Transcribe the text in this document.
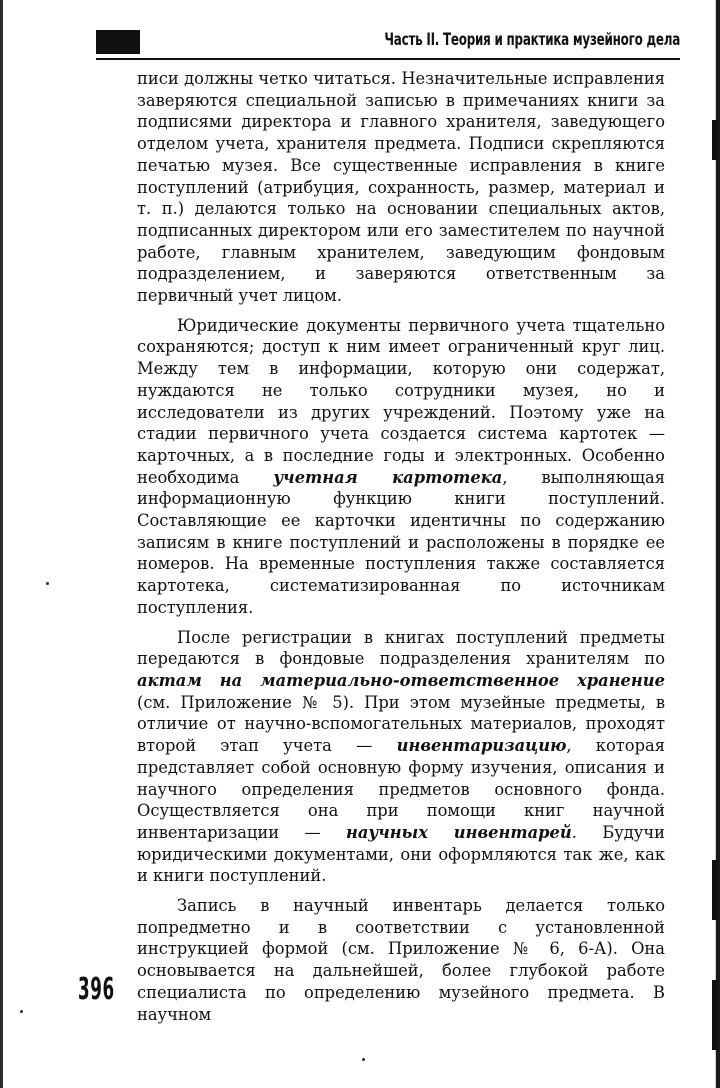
Часть II. Теория и практика музейного дела

писи должны четко читаться. Незначительные исправления заверяются специальной записью в примечаниях книги за подписями директора и главного хранителя, заведующего отделом учета, хранителя предмета. Подписи скрепляются печатью музея. Все существенные исправления в книге поступлений (атрибуция, сохранность, размер, материал и т. п.) делаются только на основании специальных актов, подписанных директором или его заместителем по научной работе, главным хранителем, заведующим фондовым подразделением, и заверяются ответственным за первичный учет лицом.

Юридические документы первичного учета тщательно сохраняются; доступ к ним имеет ограниченный круг лиц. Между тем в информации, которую они содержат, нуждаются не только сотрудники музея, но и исследователи из других учреждений. Поэтому уже на стадии первичного учета создается система картотек — карточных, а в последние годы и электронных. Особенно необходима учетная картотека, выполняющая информационную функцию книги поступлений. Составляющие ее карточки идентичны по содержанию записям в книге поступлений и расположены в порядке ее номеров. На временные поступления также составляется картотека, систематизированная по источникам поступления.

После регистрации в книгах поступлений предметы передаются в фондовые подразделения хранителям по актам на материально-ответственное хранение (см. Приложение № 5). При этом музейные предметы, в отличие от научно-вспомогательных материалов, проходят второй этап учета — инвентаризацию, которая представляет собой основную форму изучения, описания и научного определения предметов основного фонда. Осуществляется она при помощи книг научной инвентаризации — научных инвентарей. Будучи юридическими документами, они оформляются так же, как и книги поступлений.

Запись в научный инвентарь делается только попредметно и в соответствии с установленной инструкцией формой (см. Приложение № 6, 6-А). Она основывается на дальнейшей, более глубокой работе специалиста по определению музейного предмета. В научном

396
